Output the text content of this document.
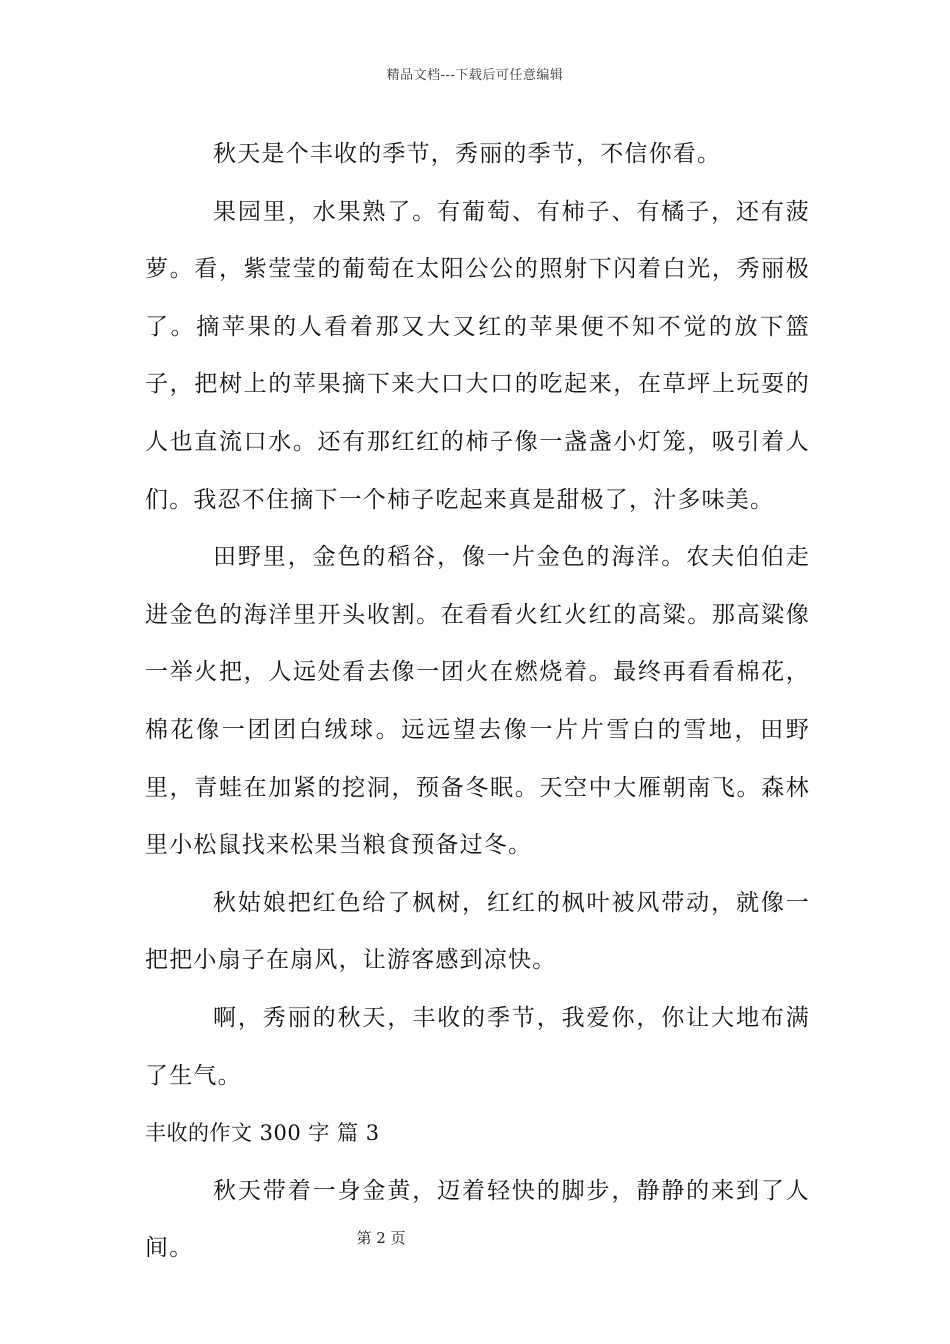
精品文档---下载后可任意编辑

秋天是个丰收的季节，秀丽的季节，不信你看。

果园里，水果熟了。有葡萄、有柿子、有橘子，还有菠萝。看，紫莹莹的葡萄在太阳公公的照射下闪着白光，秀丽极了。摘苹果的人看着那又大又红的苹果便不知不觉的放下篮子，把树上的苹果摘下来大口大口的吃起来，在草坪上玩耍的人也直流口水。还有那红红的柿子像一盏盏小灯笼，吸引着人们。我忍不住摘下一个柿子吃起来真是甜极了，汁多味美。

田野里，金色的稻谷，像一片金色的海洋。农夫伯伯走进金色的海洋里开头收割。在看看火红火红的高粱。那高粱像一举火把，人远处看去像一团火在燃烧着。最终再看看棉花，棉花像一团团白绒球。远远望去像一片片雪白的雪地，田野里，青蛙在加紧的挖洞，预备冬眠。天空中大雁朝南飞。森林里小松鼠找来松果当粮食预备过冬。

秋姑娘把红色给了枫树，红红的枫叶被风带动，就像一把把小扇子在扇风，让游客感到凉快。

啊，秀丽的秋天，丰收的季节，我爱你，你让大地布满了生气。

丰收的作文 300 字 篇 3

秋天带着一身金黄，迈着轻快的脚步，静静的来到了人间。	第 2 页
